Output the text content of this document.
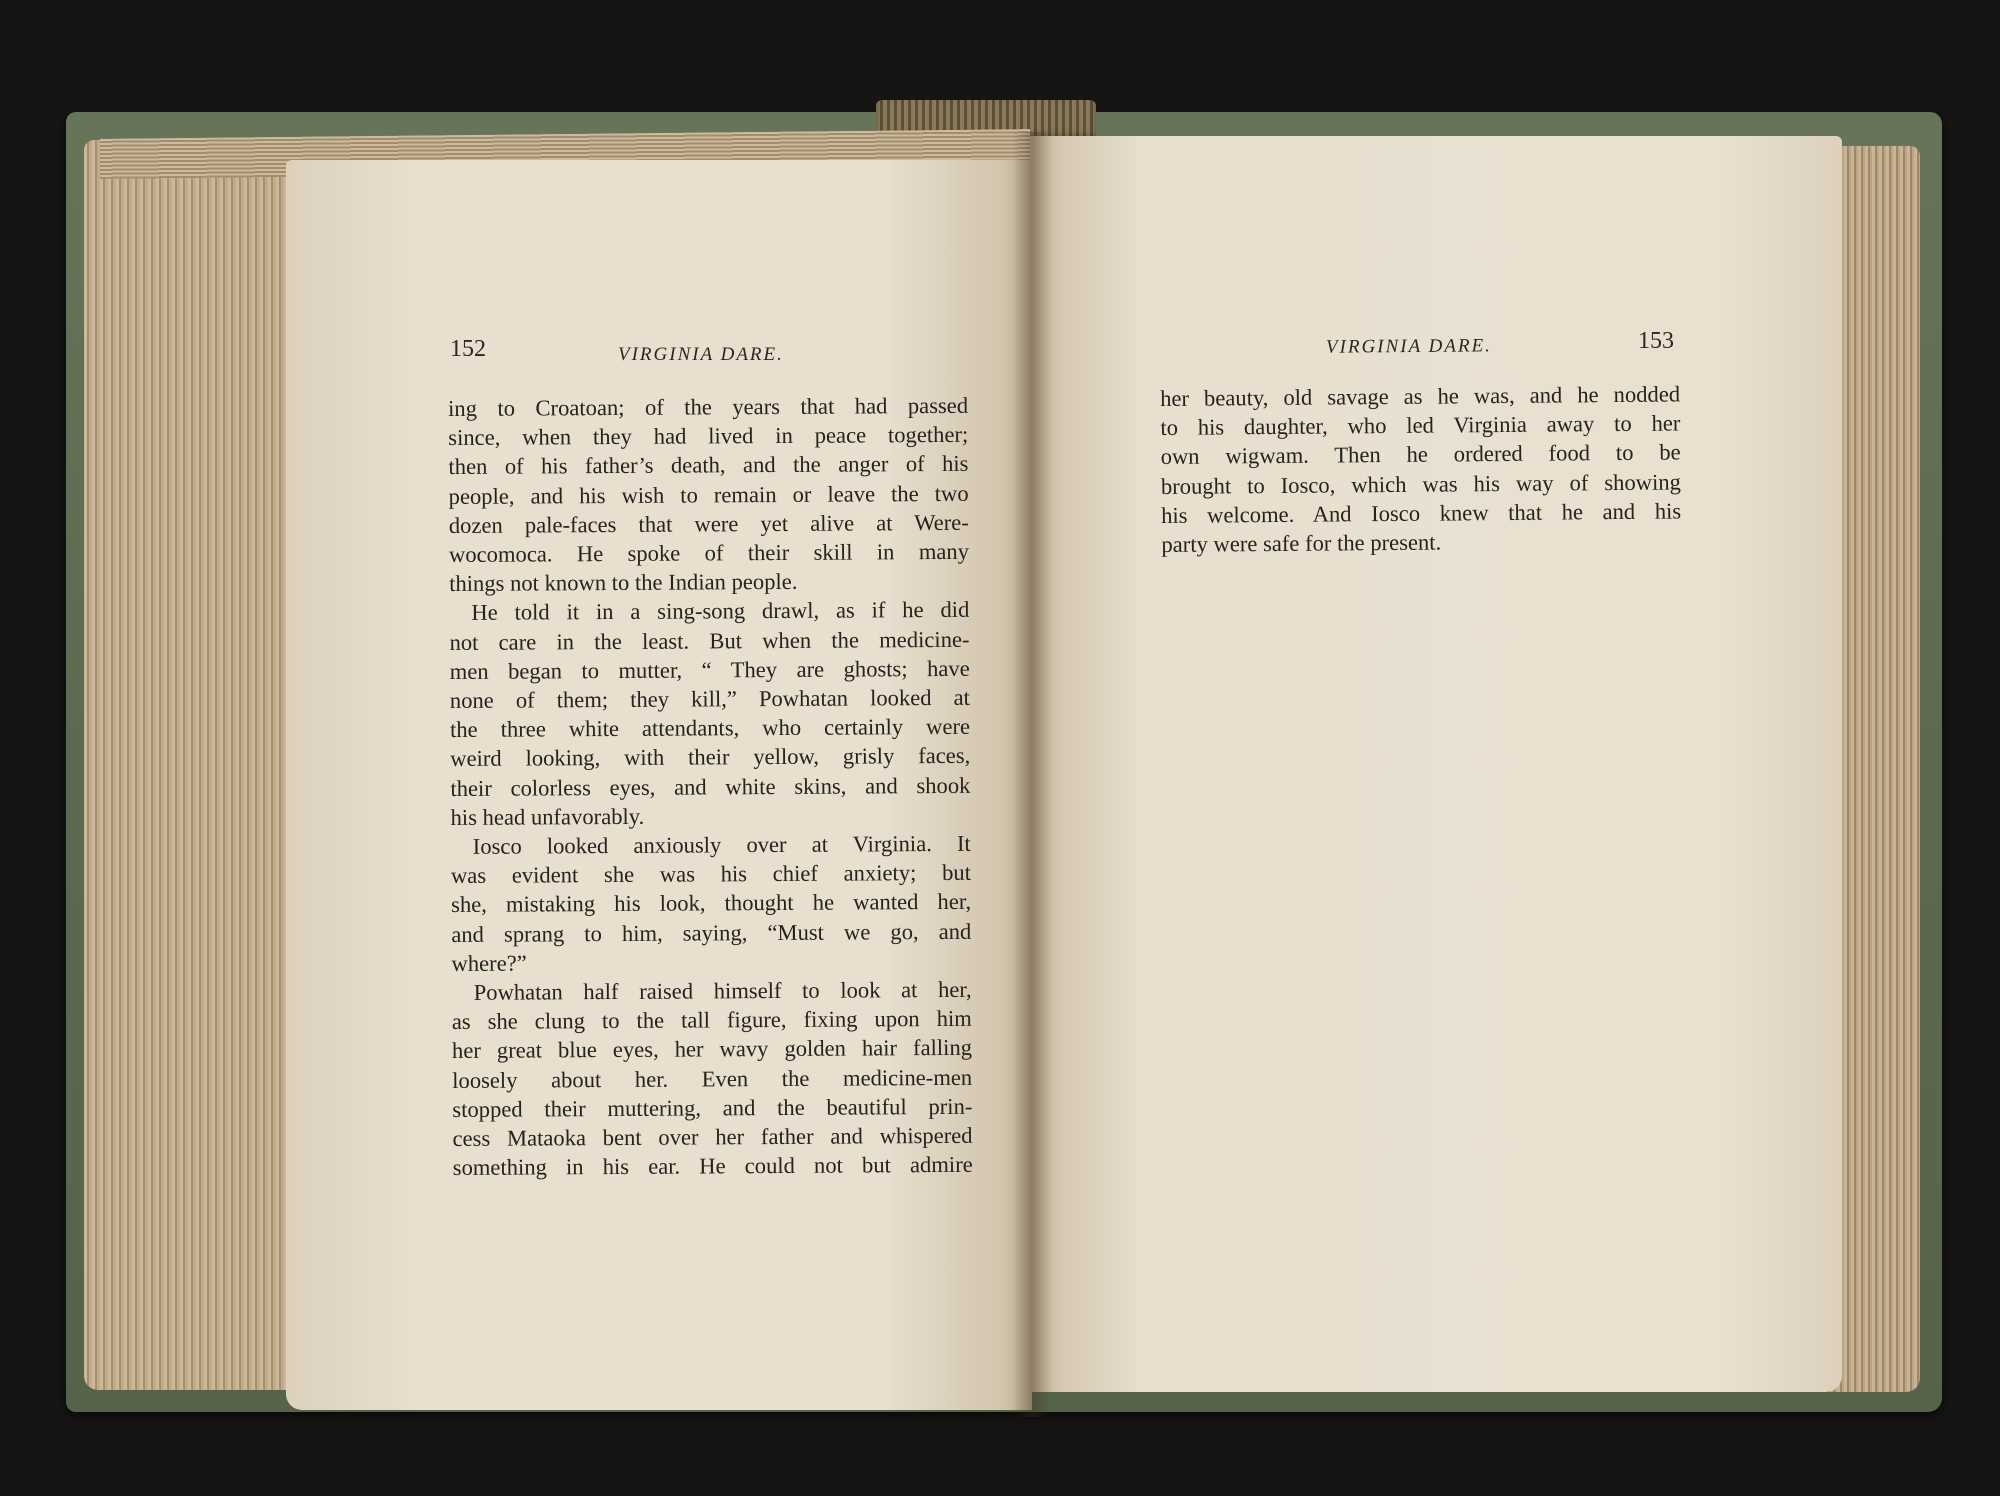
152	VIRGINIA DARE.
ing to Croatoan; of the years that had passed
since, when they had lived in peace together;
then of his father’s death, and the anger of his
people, and his wish to remain or leave the two
dozen pale-faces that were yet alive at Were-
wocomoca. He spoke of their skill in many
things not known to the Indian people.
He told it in a sing-song drawl, as if he did
not care in the least. But when the medicine-
men began to mutter, “ They are ghosts; have
none of them; they kill,” Powhatan looked at
the three white attendants, who certainly were
weird looking, with their yellow, grisly faces,
their colorless eyes, and white skins, and shook
his head unfavorably.
Iosco looked anxiously over at Virginia. It
was evident she was his chief anxiety; but
she, mistaking his look, thought he wanted her,
and sprang to him, saying, “Must we go, and
where?”
Powhatan half raised himself to look at her,
as she clung to the tall figure, fixing upon him
her great blue eyes, her wavy golden hair falling
loosely about her. Even the medicine-men
stopped their muttering, and the beautiful prin-
cess Mataoka bent over her father and whispered
something in his ear. He could not but admire
VIRGINIA DARE.	153
her beauty, old savage as he was, and he nodded
to his daughter, who led Virginia away to her
own wigwam. Then he ordered food to be
brought to Iosco, which was his way of showing
his welcome. And Iosco knew that he and his
party were safe for the present.
